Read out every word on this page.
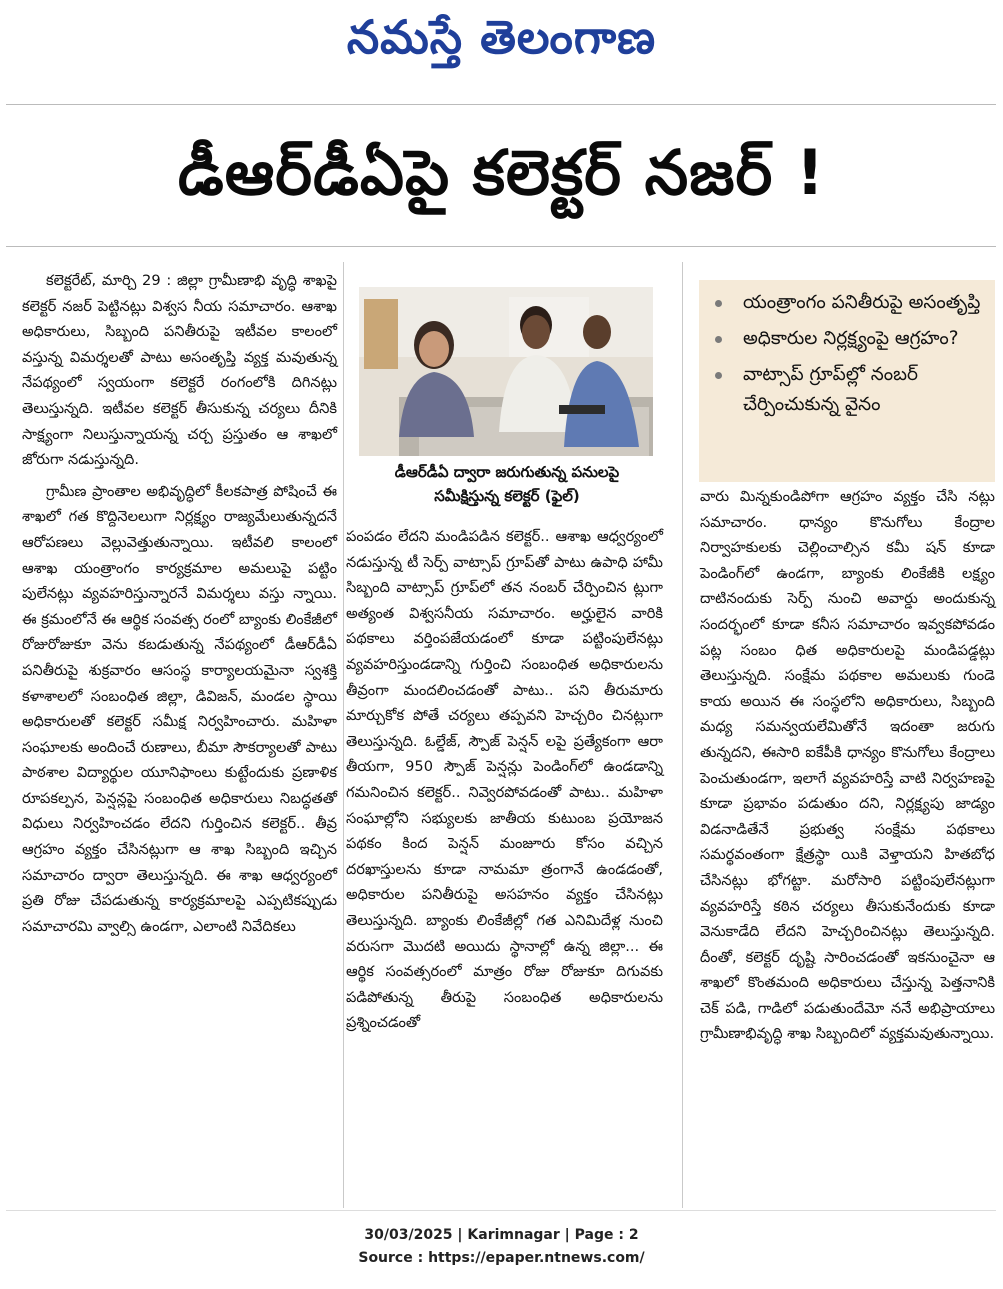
నమస్తే తెలంగాణ
డీఆర్‌డీఏపై కలెక్టర్ నజర్ !

కలెక్టరేట్, మార్చి 29 : జిల్లా గ్రామీణాభి వృద్ధి శాఖపై కలెక్టర్ నజర్ పెట్టినట్లు విశ్వస నీయ సమాచారం. ఆశాఖ అధికారులు, సిబ్బంది పనితీరుపై ఇటీవల కాలంలో వస్తున్న విమర్శలతో పాటు అసంతృప్తి వ్యక్త మవుతున్న నేపథ్యంలో స్వయంగా కలెక్టరే రంగంలోకి దిగినట్లు తెలుస్తున్నది. ఇటీవల కలెక్టర్ తీసుకున్న చర్యలు దీనికి సాక్ష్యంగా నిలుస్తున్నాయన్న చర్చ ప్రస్తుతం ఆ శాఖలో జోరుగా నడుస్తున్నది.

గ్రామీణ ప్రాంతాల అభివృద్ధిలో కీలకపాత్ర పోషించే ఈ శాఖలో గత కొద్దినెలలుగా నిర్లక్ష్యం రాజ్యమేలుతున్నదనే ఆరోపణలు వెల్లువెత్తుతున్నాయి. ఇటీవలి కాలంలో ఆశాఖ యంత్రాంగం కార్యక్రమాల అమలుపై పట్టిం పులేనట్లు వ్యవహరిస్తున్నారనే విమర్శలు వస్తు న్నాయి. ఈ క్రమంలోనే ఈ ఆర్థిక సంవత్స రంలో బ్యాంకు లింకేజీలో రోజురోజుకూ వెను కబడుతున్న నేపథ్యంలో డీఆర్‌డీఏ పనితీరుపై శుక్రవారం ఆసంస్థ కార్యాలయమైనా స్వశక్తి కళాశాలలో సంబంధిత జిల్లా, డివిజన్, మండల స్థాయి అధికారులతో కలెక్టర్ సమీక్ష నిర్వహించారు. మహిళా సంఘాలకు అందించే రుణాలు, బీమా సౌకర్యాలతో పాటు పాఠశాల విద్యార్థుల యూనిఫాంలు కుట్టేందుకు ప్రణాళిక రూపకల్పన, పెన్షన్లపై సంబంధిత అధికారులు నిబద్ధతతో విధులు నిర్వహించడం లేదని గుర్తించిన కలెక్టర్.. తీవ్ర ఆగ్రహం వ్యక్తం చేసినట్లుగా ఆ శాఖ సిబ్బంది ఇచ్చిన సమాచారం ద్వారా తెలుస్తున్నది. ఈ శాఖ ఆధ్వర్యంలో ప్రతి రోజు చేపడుతున్న కార్యక్రమాలపై ఎప్పటికప్పుడు సమాచారమి వ్వాల్సి ఉండగా, ఎలాంటి నివేదికలు

డీఆర్‌డీఏ ద్వారా జరుగుతున్న పనులపై
సమీక్షిస్తున్న కలెక్టర్ (ఫైల్)

పంపడం లేదని మండిపడిన కలెక్టర్.. ఆశాఖ ఆధ్వర్యంలో నడుస్తున్న టీ సెర్ప్ వాట్సాప్ గ్రూప్‌తో పాటు ఉపాధి హామీ సిబ్బంది వాట్సాప్ గ్రూప్‌లో తన నంబర్ చేర్పించిన ట్లుగా అత్యంత విశ్వసనీయ సమాచారం. అర్హులైన వారికి పథకాలు వర్తింపజేయడంలో కూడా పట్టింపులేనట్లు వ్యవహరిస్తుండడాన్ని గుర్తించి సంబంధిత అధికారులను తీవ్రంగా మందలించడంతో పాటు.. పని తీరుమారు మార్చుకోక పోతే చర్యలు తప్పవని హెచ్చరిం చినట్లుగా తెలుస్తున్నది. ఓల్డేజ్, స్పౌజ్ పెన్షన్ లపై ప్రత్యేకంగా ఆరా తీయగా, 950 స్పౌజ్ పెన్షన్లు పెండింగ్‌లో ఉండడాన్ని గమనించిన కలెక్టర్.. నివ్వెరపోవడంతో పాటు.. మహిళా సంఘాల్లోని సభ్యులకు జాతీయ కుటుంబ ప్రయోజన పథకం కింద పెన్షన్ మంజూరు కోసం వచ్చిన దరఖాస్తులను కూడా నామమా త్రంగానే ఉండడంతో, అధికారుల పనితీరుపై అసహనం వ్యక్తం చేసినట్లు తెలుస్తున్నది. బ్యాంకు లింకేజీల్లో గత ఎనిమిదేళ్ల నుంచి వరుసగా మొదటి అయిదు స్థానాల్లో ఉన్న జిల్లా... ఈ ఆర్థిక సంవత్సరంలో మాత్రం రోజు రోజుకూ దిగువకు పడిపోతున్న తీరుపై సంబంధిత అధికారులను ప్రశ్నించడంతో

యంత్రాంగం పనితీరుపై అసంతృప్తి
అధికారుల నిర్లక్ష్యంపై ఆగ్రహం?
వాట్సాప్ గ్రూప్‌ల్లో నంబర్ చేర్పించుకున్న వైనం

వారు మిన్నకుండిపోగా ఆగ్రహం వ్యక్తం చేసి నట్లు సమాచారం. ధాన్యం కొనుగోలు కేంద్రాల నిర్వాహకులకు చెల్లించాల్సిన కమీ షన్ కూడా పెండింగ్‌లో ఉండగా, బ్యాంకు లింకేజీకి లక్ష్యం దాటినందుకు సెర్ప్ నుంచి అవార్డు అందుకున్న సందర్భంలో కూడా కనీస సమాచారం ఇవ్వకపోవడం పట్ల సంబం ధిత అధికారులపై మండిపడ్డట్లు తెలుస్తున్నది. సంక్షేమ పథకాల అమలుకు గుండె కాయ అయిన ఈ సంస్థలోని అధికారులు, సిబ్బంది మధ్య సమన్వయలేమితోనే ఇదంతా జరుగు తున్నదని, ఈసారి ఐకేపీకి ధాన్యం కొనుగోలు కేంద్రాలు పెంచుతుండగా, ఇలాగే వ్యవహరిస్తే వాటి నిర్వహణపై కూడా ప్రభావం పడుతుం దని, నిర్లక్ష్యపు జాడ్యం విడనాడితేనే ప్రభుత్వ సంక్షేమ పథకాలు సమర్థవంతంగా క్షేత్రస్థా యికి వెళ్తాయని హితబోధ చేసినట్లు భోగట్టా. మరోసారి పట్టింపులేనట్లుగా వ్యవహరిస్తే కఠిన చర్యలు తీసుకునేందుకు కూడా వెనుకాడేది లేదని హెచ్చరించినట్లు తెలుస్తున్నది. దీంతో, కలెక్టర్ దృష్టి సారించడంతో ఇకనుంచైనా ఆ శాఖలో కొంతమంది అధికారులు చేస్తున్న పెత్తనానికి చెక్ పడి, గాడిలో పడుతుందేమో ననే అభిప్రాయాలు గ్రామీణాభివృద్ధి శాఖ సిబ్బందిలో వ్యక్తమవుతున్నాయి.

30/03/2025 | Karimnagar | Page : 2
Source : https://epaper.ntnews.com/
